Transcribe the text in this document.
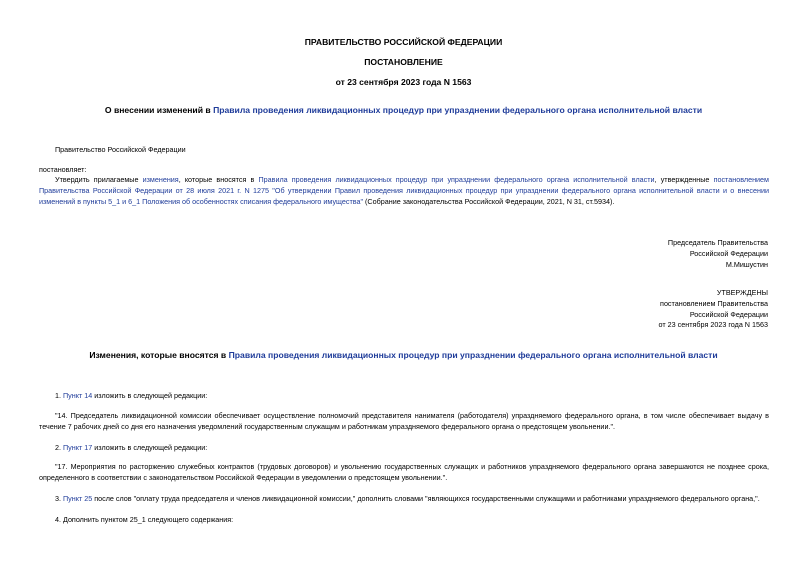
ПРАВИТЕЛЬСТВО РОССИЙСКОЙ ФЕДЕРАЦИИ
ПОСТАНОВЛЕНИЕ
от 23 сентября 2023 года N 1563
О внесении изменений в Правила проведения ликвидационных процедур при упразднении федерального органа исполнительной власти
Правительство Российской Федерации
постановляет:

Утвердить прилагаемые изменения, которые вносятся в Правила проведения ликвидационных процедур при упразднении федерального органа исполнительной власти, утвержденные постановлением Правительства Российской Федерации от 28 июля 2021 г. N 1275 "Об утверждении Правил проведения ликвидационных процедур при упразднении федерального органа исполнительной власти и о внесении изменений в пункты 5_1 и 6_1 Положения об особенностях списания федерального имущества" (Собрание законодательства Российской Федерации, 2021, N 31, ст.5934).

Председатель Правительства
Российской Федерации
М.Мишустин
УТВЕРЖДЕНЫ
постановлением Правительства
Российской Федерации
от 23 сентября 2023 года N 1563
Изменения, которые вносятся в Правила проведения ликвидационных процедур при упразднении федерального органа исполнительной власти
1. Пункт 14 изложить в следующей редакции:

"14. Председатель ликвидационной комиссии обеспечивает осуществление полномочий представителя нанимателя (работодателя) упраздняемого федерального органа, в том числе обеспечивает выдачу в течение 7 рабочих дней со дня его назначения уведомлений государственным служащим и работникам упраздняемого федерального органа о предстоящем увольнении.".

2. Пункт 17 изложить в следующей редакции:

"17. Мероприятия по расторжению служебных контрактов (трудовых договоров) и увольнению государственных служащих и работников упраздняемого федерального органа завершаются не позднее срока, определенного в соответствии с законодательством Российской Федерации в уведомлении о предстоящем увольнении.".

3. Пункт 25 после слов "оплату труда председателя и членов ликвидационной комиссии," дополнить словами "являющихся государственными служащими и работниками упраздняемого федерального органа,".

4. Дополнить пунктом 25_1 следующего содержания:
